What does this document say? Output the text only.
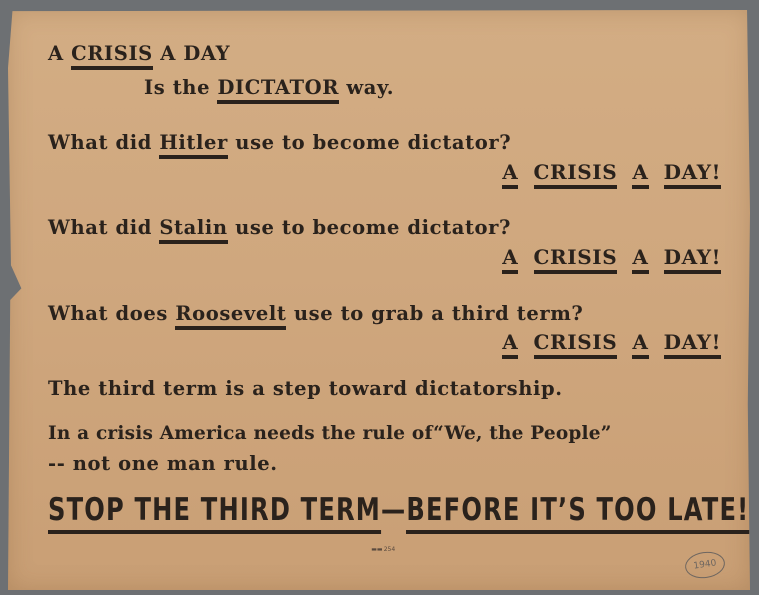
A CRISIS A DAY
Is the DICTATOR way.
What did Hitler use to become dictator?
A CRISIS A DAY!
What did Stalin use to become dictator?
A CRISIS A DAY!
What does Roosevelt use to grab a third term?
A CRISIS A DAY!
The third term is a step toward dictatorship.
In a crisis America needs the rule of“We, the People”
-- not one man rule.
STOP THE THIRD TERM—BEFORE IT’S TOO LATE!
 ▬▬ 254
1940
